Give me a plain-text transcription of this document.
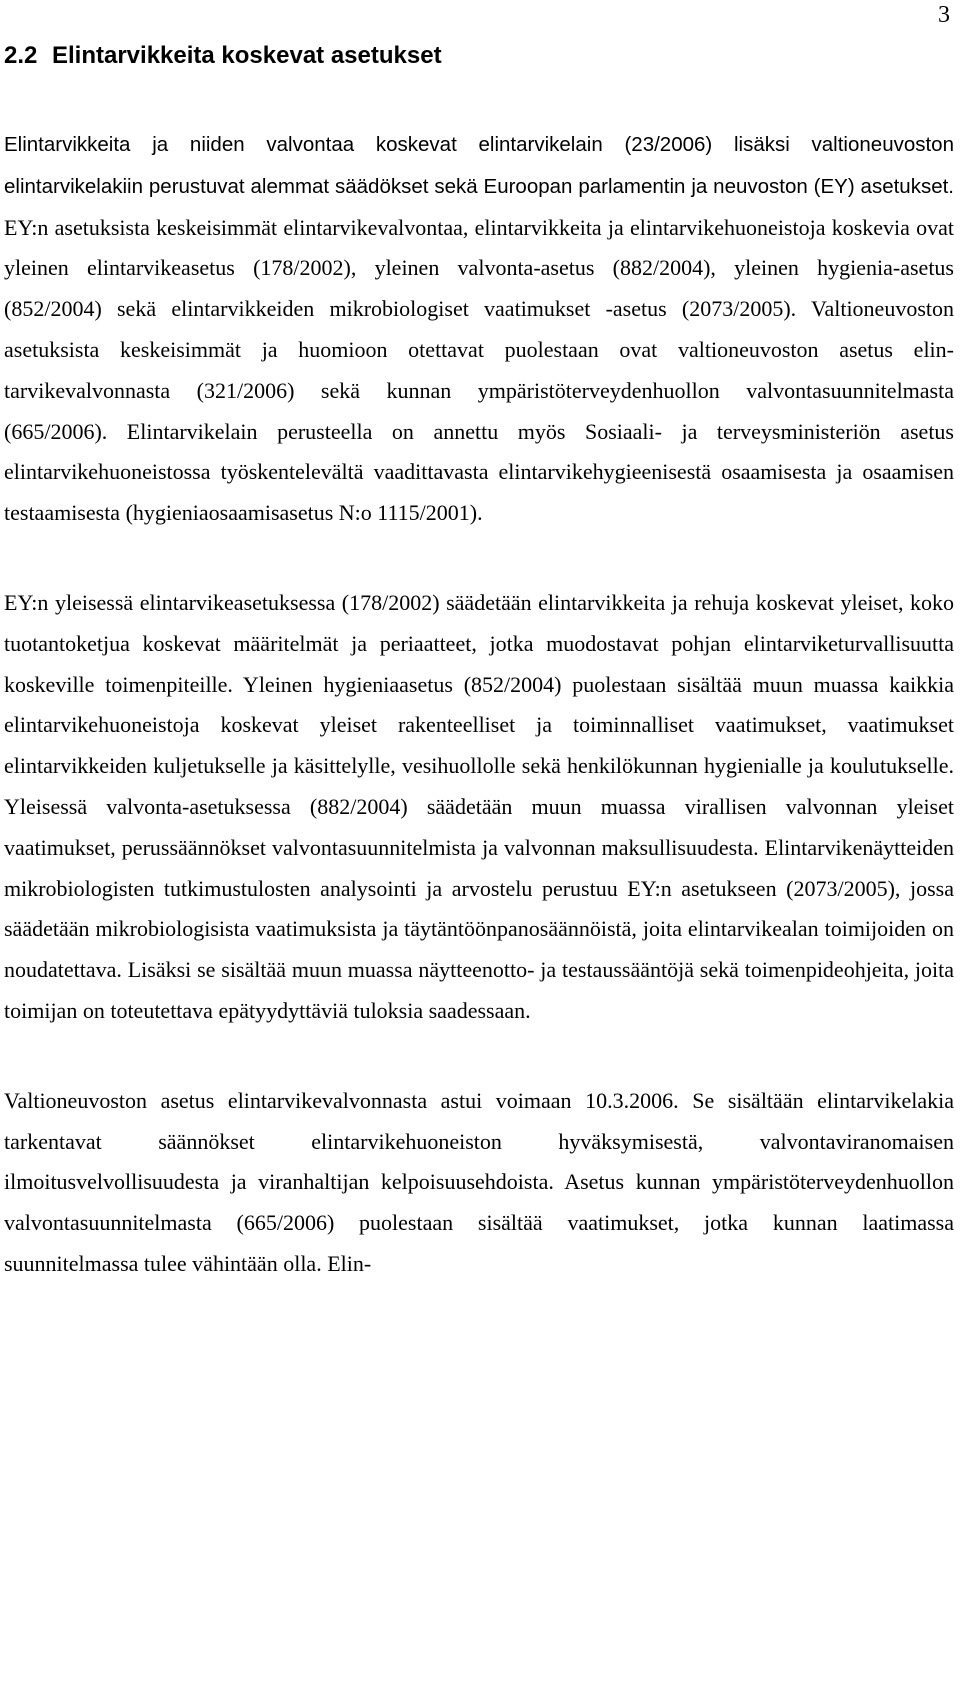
3
2.2 Elintarvikkeita koskevat asetukset

Elintarvikkeita ja niiden valvontaa koskevat elintarvikelain (23/2006) lisäksi valtioneuvoston elintarvikelakiin perustuvat alemmat säädökset sekä Euroopan parlamentin ja neuvoston (EY) asetukset. EY:n asetuksista keskeisimmät elintarvikevalvontaa, elintarvikkeita ja elintarvikehuoneistoja koskevia ovat yleinen elintarvikeasetus (178/2002), yleinen valvonta-asetus (882/2004), yleinen hygienia-asetus (852/2004) sekä elintarvikkeiden mikrobiologiset vaatimukset -asetus (2073/2005). Valtioneuvoston asetuksista keskeisimmät ja huomioon otettavat puolestaan ovat valtioneuvoston asetus elintarvikevalvonnasta (321/2006) sekä kunnan ympäristöterveydenhuollon valvontasuunnitelmasta (665/2006). Elintarvikelain perusteella on annettu myös Sosiaali- ja terveysministeriön asetus elintarvikehuoneistossa työskentelevältä vaadittavasta elintarvikehygieenisestä osaamisesta ja osaamisen testaamisesta (hygieniaosaamisasetus N:o 1115/2001).

EY:n yleisessä elintarvikeasetuksessa (178/2002) säädetään elintarvikkeita ja rehuja koskevat yleiset, koko tuotantoketjua koskevat määritelmät ja periaatteet, jotka muodostavat pohjan elintarviketurvallisuutta koskeville toimenpiteille. Yleinen hygieniaasetus (852/2004) puolestaan sisältää muun muassa kaikkia elintarvikehuoneistoja koskevat yleiset rakenteelliset ja toiminnalliset vaatimukset, vaatimukset elintarvikkeiden kuljetukselle ja käsittelylle, vesihuollolle sekä henkilökunnan hygienialle ja koulutukselle. Yleisessä valvonta-asetuksessa (882/2004) säädetään muun muassa virallisen valvonnan yleiset vaatimukset, perussäännökset valvontasuunnitelmista ja valvonnan maksullisuudesta. Elintarvikenäytteiden mikrobiologisten tutkimustulosten analysointi ja arvostelu perustuu EY:n asetukseen (2073/2005), jossa säädetään mikrobiologisista vaatimuksista ja täytäntöönpanosäännöistä, joita elintarvikealan toimijoiden on noudatettava. Lisäksi se sisältää muun muassa näytteenotto- ja testaussääntöjä sekä toimenpideohjeita, joita toimijan on toteutettava epätyydyttäviä tuloksia saadessaan.

Valtioneuvoston asetus elintarvikevalvonnasta astui voimaan 10.3.2006. Se sisältään elintarvikelakia tarkentavat säännökset elintarvikehuoneiston hyväksymisestä, valvontaviranomaisen ilmoitusvelvollisuudesta ja viranhaltijan kelpoisuusehdoista. Asetus kunnan ympäristöterveydenhuollon valvontasuunnitelmasta (665/2006) puolestaan sisältää vaatimukset, jotka kunnan laatimassa suunnitelmassa tulee vähintään olla. Elin-
